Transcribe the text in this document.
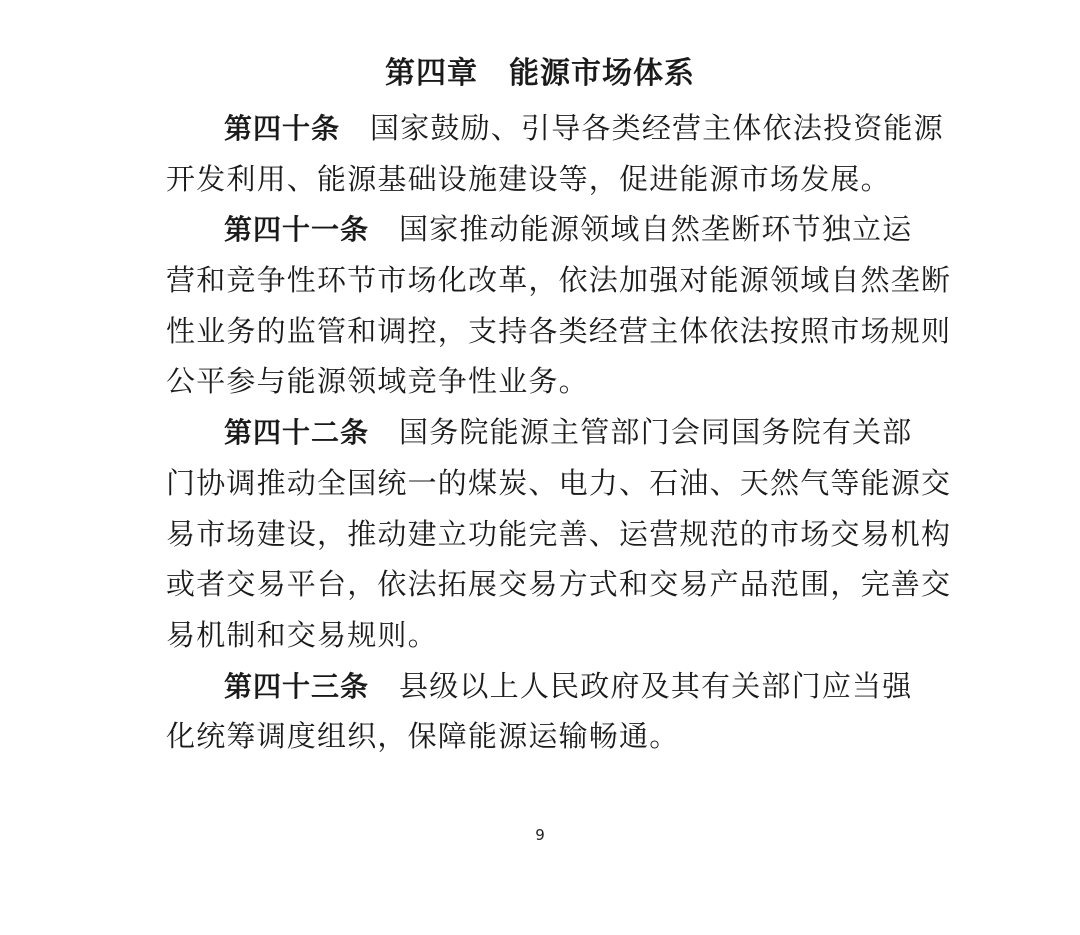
第四章　能源市场体系
第四十条 国家鼓励、引导各类经营主体依法投资能源
开发利用、能源基础设施建设等，促进能源市场发展。
第四十一条 国家推动能源领域自然垄断环节独立运
营和竞争性环节市场化改革，依法加强对能源领域自然垄断
性业务的监管和调控，支持各类经营主体依法按照市场规则
公平参与能源领域竞争性业务。
第四十二条 国务院能源主管部门会同国务院有关部
门协调推动全国统一的煤炭、电力、石油、天然气等能源交
易市场建设，推动建立功能完善、运营规范的市场交易机构
或者交易平台，依法拓展交易方式和交易产品范围，完善交
易机制和交易规则。
第四十三条 县级以上人民政府及其有关部门应当强
化统筹调度组织，保障能源运输畅通。
9
